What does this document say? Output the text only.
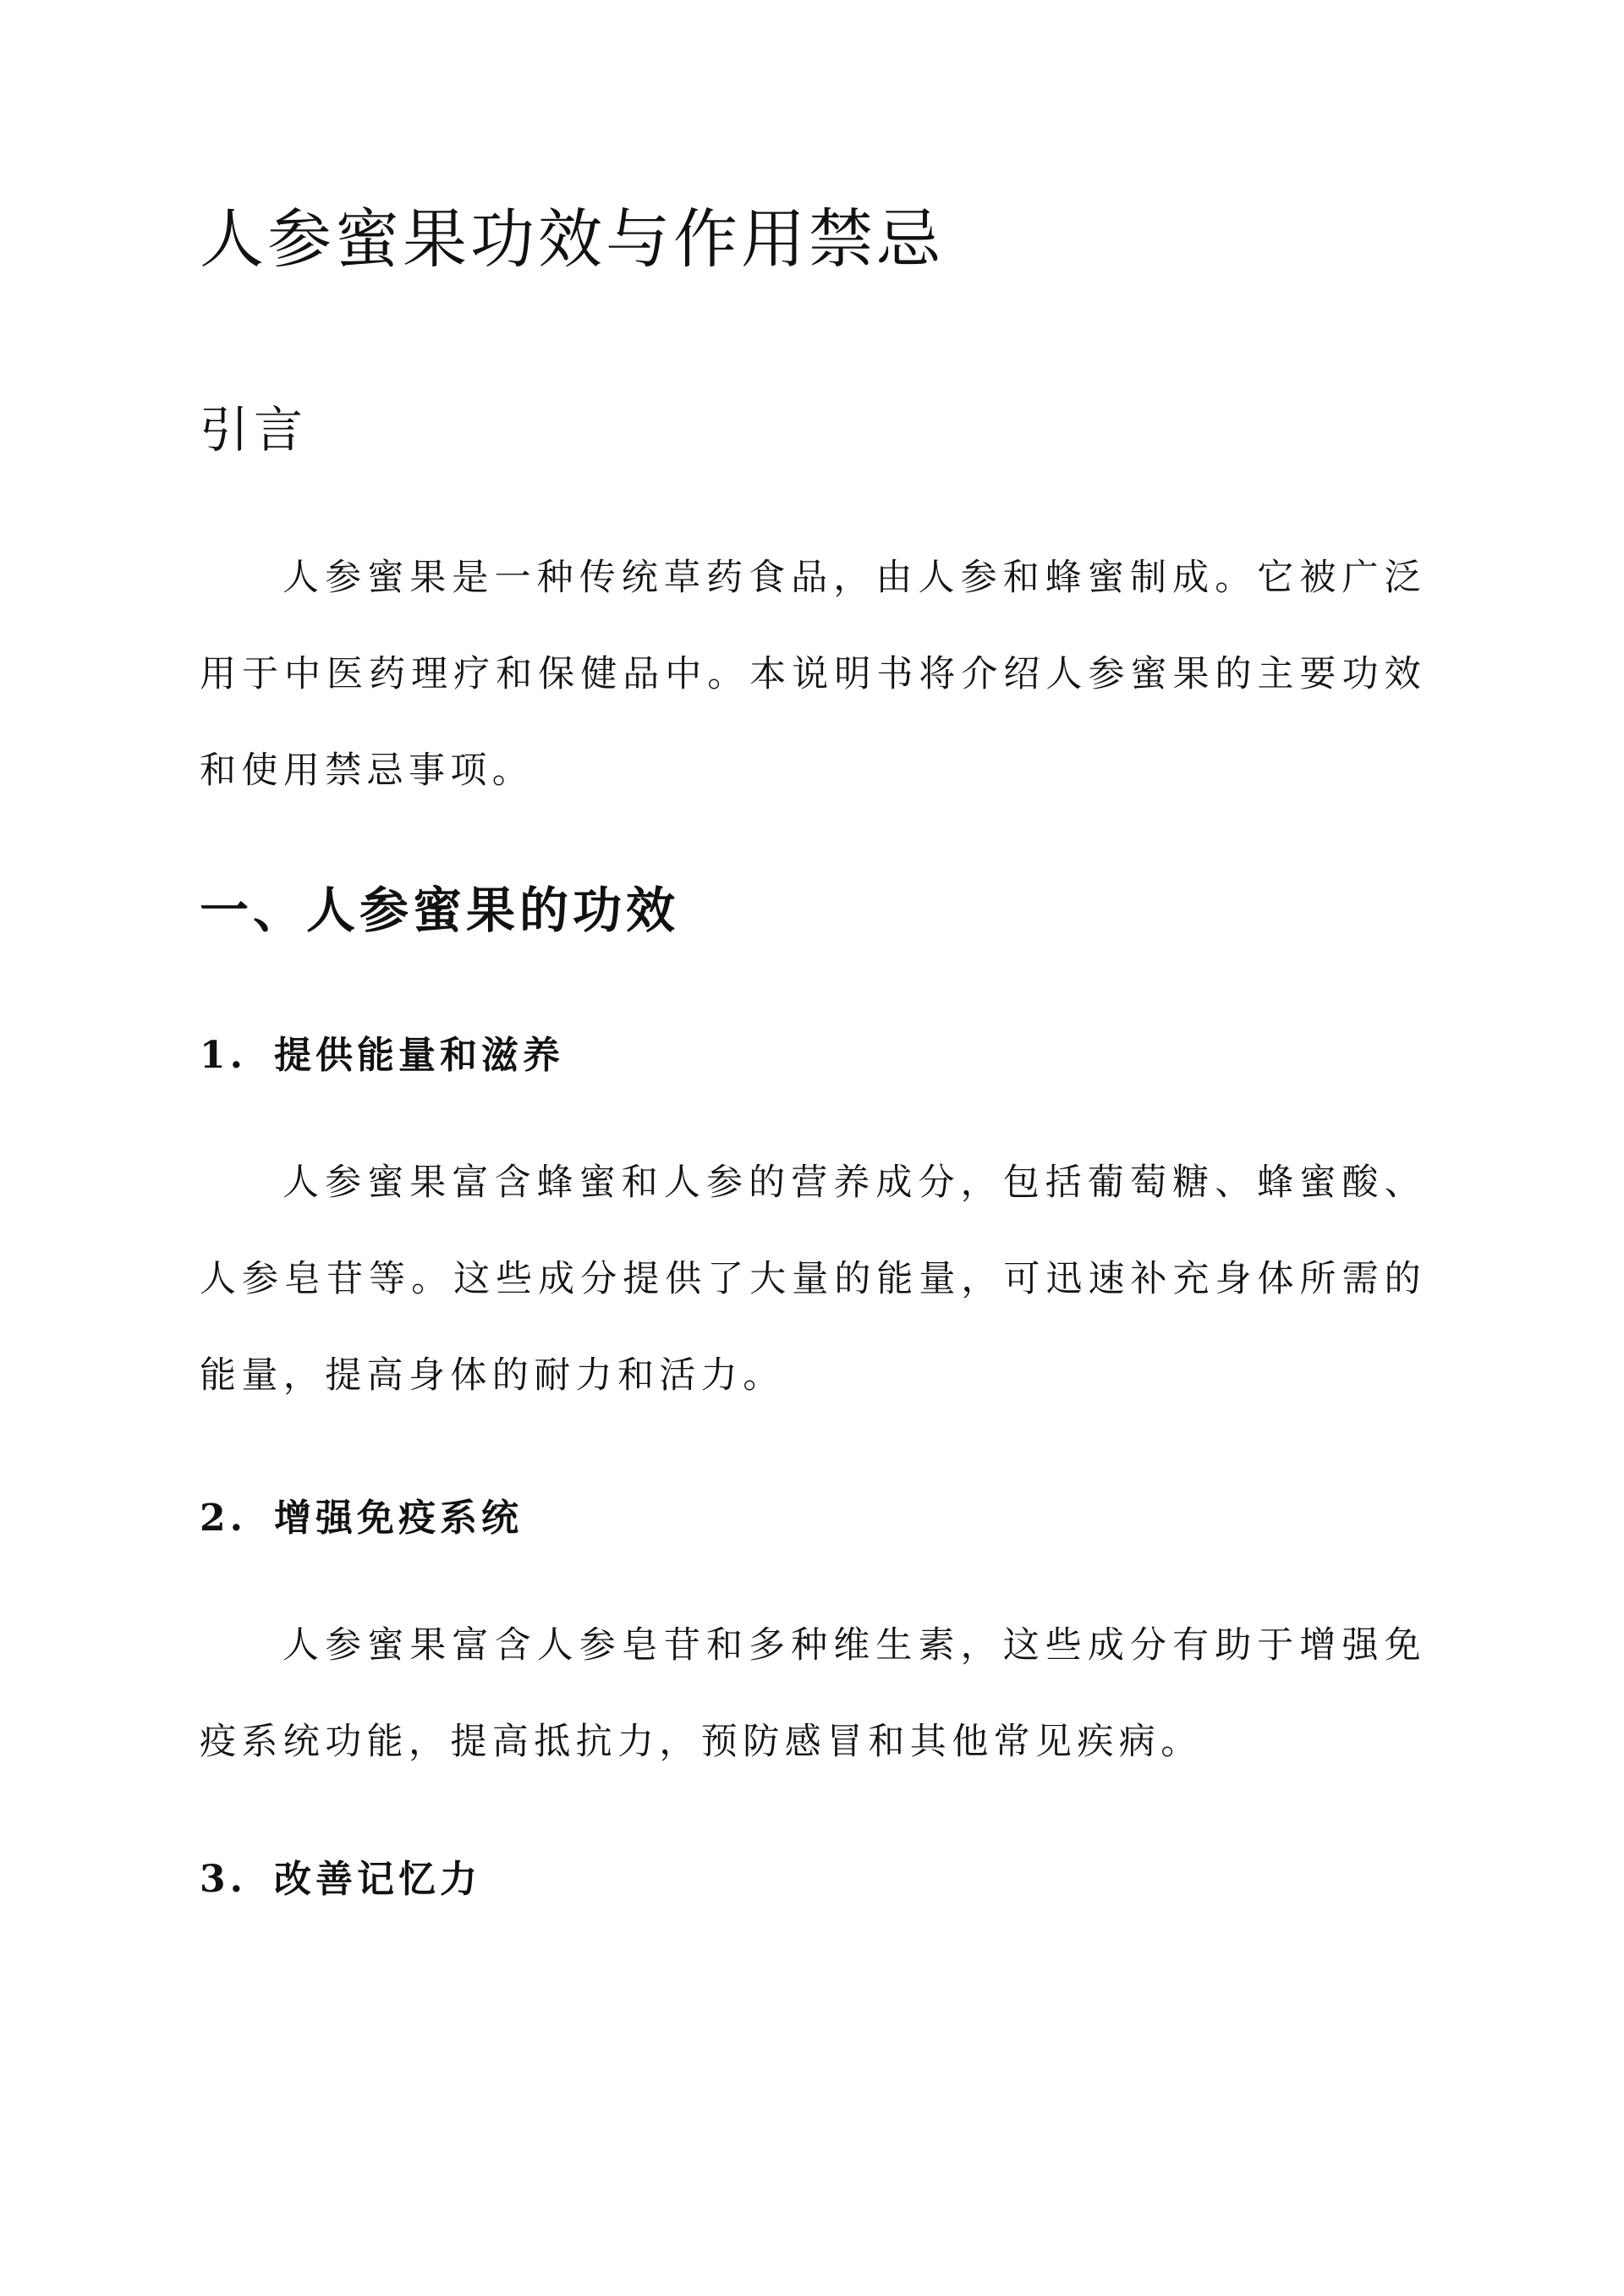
人参蜜果功效与作用禁忌
引言

人参蜜果是一种传统草药食品，由人参和蜂蜜制成。它被广泛用于中医药理疗和保健品中。本说明书将介绍人参蜜果的主要功效和使用禁忌事项。

一、人参蜜果的功效
1. 提供能量和滋养

人参蜜果富含蜂蜜和人参的营养成分，包括葡萄糖、蜂蜜酸、人参皂苷等。这些成分提供了大量的能量，可迅速补充身体所需的能量，提高身体的耐力和活力。

2. 增强免疫系统

人参蜜果富含人参皂苷和多种维生素，这些成分有助于增强免疫系统功能，提高抵抗力，预防感冒和其他常见疾病。

3. 改善记忆力
